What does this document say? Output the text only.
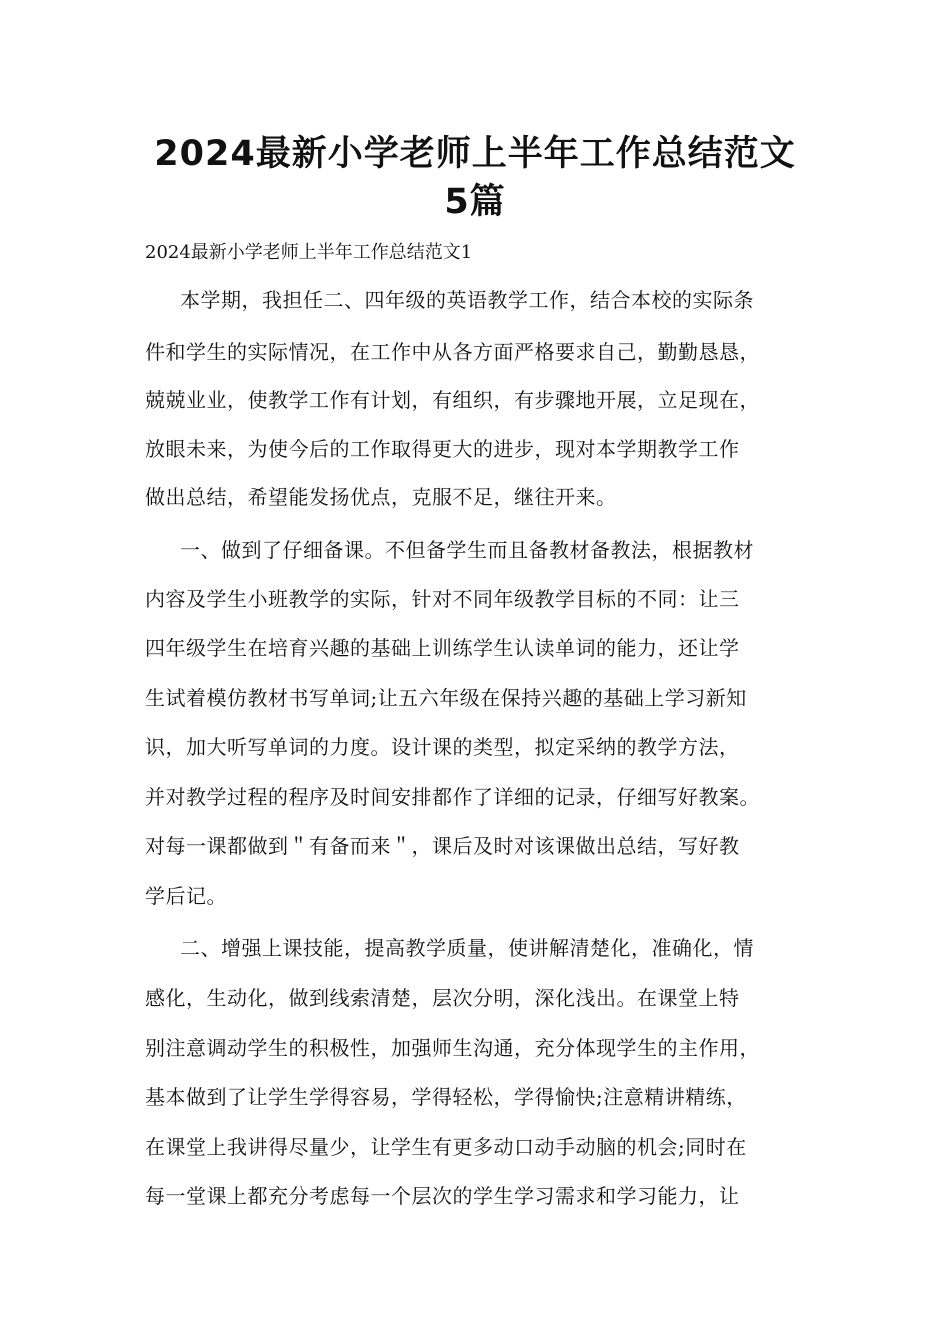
2024最新小学老师上半年工作总结范文
5篇

2024最新小学老师上半年工作总结范文1

本学期，我担任二、四年级的英语教学工作，结合本校的实际条

件和学生的实际情况，在工作中从各方面严格要求自己，勤勤恳恳，

兢兢业业，使教学工作有计划，有组织，有步骤地开展，立足现在，

放眼未来，为使今后的工作取得更大的进步，现对本学期教学工作

做出总结，希望能发扬优点，克服不足，继往开来。

一、做到了仔细备课。不但备学生而且备教材备教法，根据教材

内容及学生小班教学的实际，针对不同年级教学目标的不同：让三

四年级学生在培育兴趣的基础上训练学生认读单词的能力，还让学

生试着模仿教材书写单词;让五六年级在保持兴趣的基础上学习新知

识，加大听写单词的力度。设计课的类型，拟定采纳的教学方法，

并对教学过程的程序及时间安排都作了详细的记录，仔细写好教案。

对每一课都做到＂有备而来＂，课后及时对该课做出总结，写好教

学后记。

二、增强上课技能，提高教学质量，使讲解清楚化，准确化，情

感化，生动化，做到线索清楚，层次分明，深化浅出。在课堂上特

别注意调动学生的积极性，加强师生沟通，充分体现学生的主作用，

基本做到了让学生学得容易，学得轻松，学得愉快;注意精讲精练，

在课堂上我讲得尽量少，让学生有更多动口动手动脑的机会;同时在

每一堂课上都充分考虑每一个层次的学生学习需求和学习能力，让
